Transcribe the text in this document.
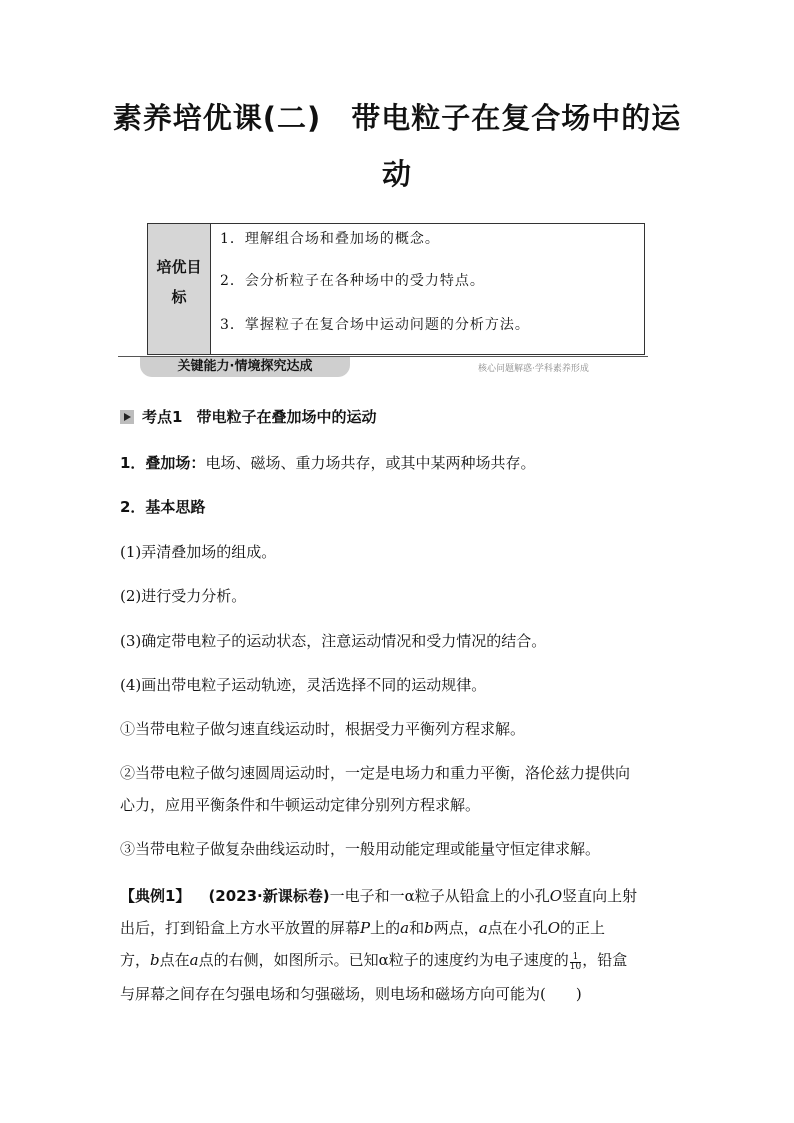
素养培优课(二)　带电粒子在复合场中的运
动
培优目
标
1．理解组合场和叠加场的概念。
2．会分析粒子在各种场中的受力特点。
3．掌握粒子在复合场中运动问题的分析方法。
关键能力·情境探究达成	核心问题解惑·学科素养形成
考点1 带电粒子在叠加场中的运动
1．叠加场：电场、磁场、重力场共存，或其中某两种场共存。
2．基本思路
(1)弄清叠加场的组成。
(2)进行受力分析。
(3)确定带电粒子的运动状态，注意运动情况和受力情况的结合。
(4)画出带电粒子运动轨迹，灵活选择不同的运动规律。
①当带电粒子做匀速直线运动时，根据受力平衡列方程求解。
②当带电粒子做匀速圆周运动时，一定是电场力和重力平衡，洛伦兹力提供向
心力，应用平衡条件和牛顿运动定律分别列方程求解。
③当带电粒子做复杂曲线运动时，一般用动能定理或能量守恒定律求解。
【典例1】 (2023·新课标卷)一电子和一α粒子从铅盒上的小孔O竖直向上射
出后，打到铅盒上方水平放置的屏幕P上的a和b两点，a点在小孔O的正上
方，b点在a点的右侧，如图所示。已知α粒子的速度约为电子速度的 $\frac{1}{10}$ ，铅盒
与屏幕之间存在匀强电场和匀强磁场，则电场和磁场方向可能为(　　)
